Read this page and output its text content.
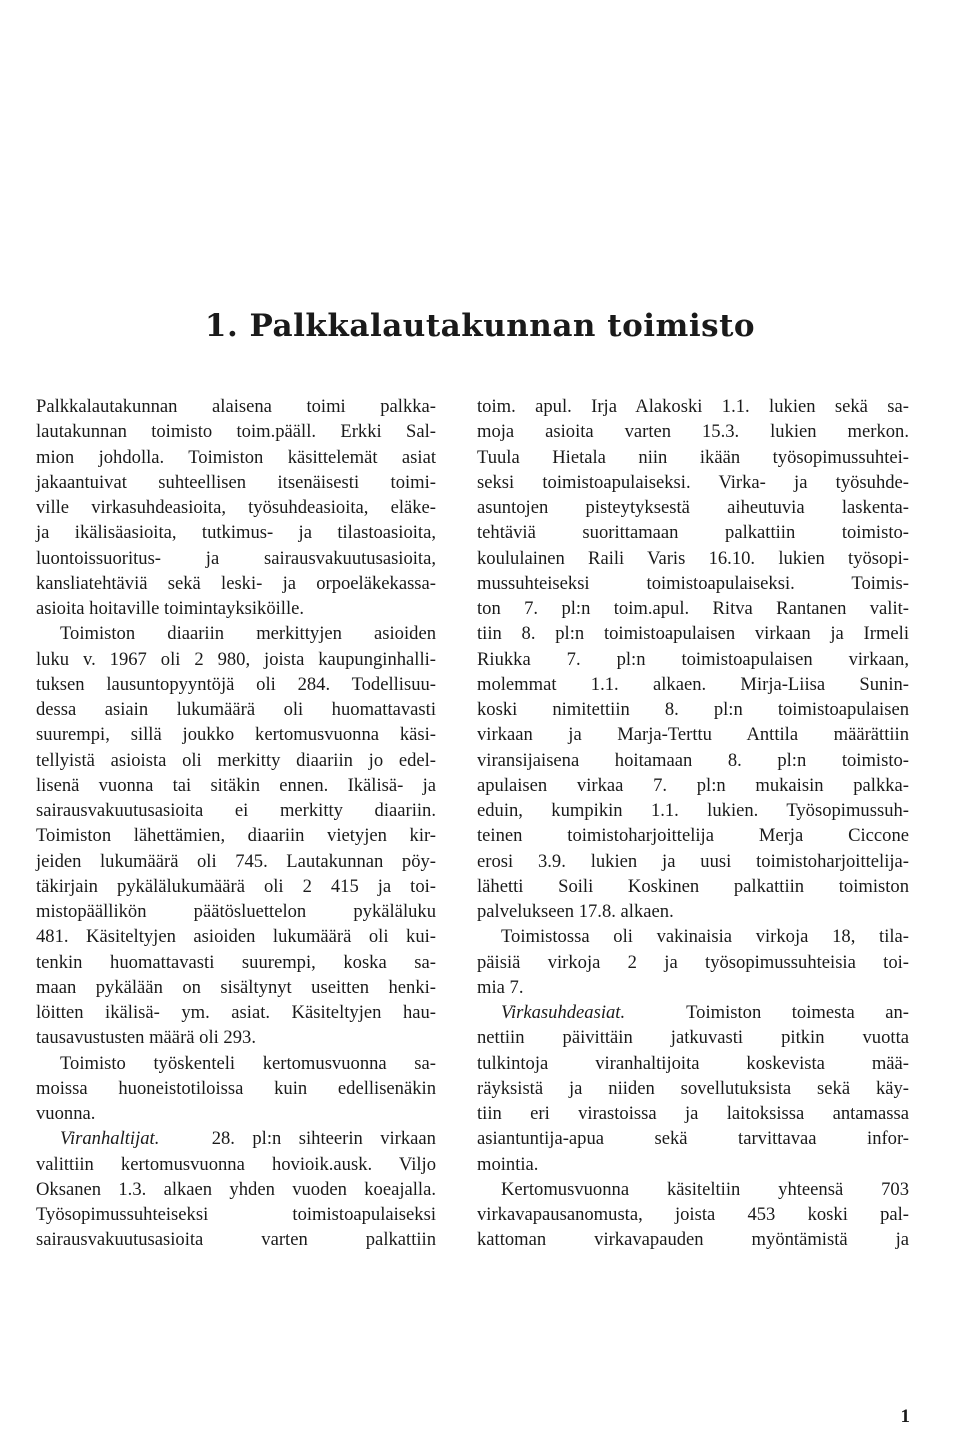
1. Palkkalautakunnan toimisto
Palkkalautakunnan alaisena toimi palkka-
lautakunnan toimisto toim.pääll. Erkki Sal-
mion johdolla. Toimiston käsittelemät asiat
jakaantuivat suhteellisen itsenäisesti toimi-
ville virkasuhdeasioita, työsuhdeasioita, eläke-
ja ikälisäasioita, tutkimus- ja tilastoasioita,
luontoissuoritus- ja sairausvakuutusasioita,
kansliatehtäviä sekä leski- ja orpoeläkekassa-
asioita hoitaville toimintayksiköille.
Toimiston diaariin merkittyjen asioiden
luku v. 1967 oli 2 980, joista kaupunginhalli-
tuksen lausuntopyyntöjä oli 284. Todellisuu-
dessa asiain lukumäärä oli huomattavasti
suurempi, sillä joukko kertomusvuonna käsi-
tellyistä asioista oli merkitty diaariin jo edel-
lisenä vuonna tai sitäkin ennen. Ikälisä- ja
sairausvakuutusasioita ei merkitty diaariin.
Toimiston lähettämien, diaariin vietyjen kir-
jeiden lukumäärä oli 745. Lautakunnan pöy-
täkirjain pykälälukumäärä oli 2 415 ja toi-
mistopäällikön päätösluettelon pykäläluku
481. Käsiteltyjen asioiden lukumäärä oli kui-
tenkin huomattavasti suurempi, koska sa-
maan pykälään on sisältynyt useitten henki-
löitten ikälisä- ym. asiat. Käsiteltyjen hau-
tausavustusten määrä oli 293.
Toimisto työskenteli kertomusvuonna sa-
moissa huoneistotiloissa kuin edellisenäkin
vuonna.
Viranhaltijat.	28. pl:n sihteerin virkaan
valittiin kertomusvuonna hovioik.ausk. Viljo
Oksanen 1.3. alkaen yhden vuoden koeajalla.
Työsopimussuhteiseksi toimistoapulaiseksi
sairausvakuutusasioita varten palkattiin
toim. apul. Irja Alakoski 1.1. lukien sekä sa-
moja asioita varten 15.3. lukien merkon.
Tuula Hietala niin ikään työsopimussuhtei-
seksi toimistoapulaiseksi. Virka- ja työsuhde-
asuntojen pisteytyksestä aiheutuvia laskenta-
tehtäviä suorittamaan palkattiin toimisto-
koululainen Raili Varis 16.10. lukien työsopi-
mussuhteiseksi toimistoapulaiseksi. Toimis-
ton 7. pl:n toim.apul. Ritva Rantanen valit-
tiin 8. pl:n toimistoapulaisen virkaan ja Irmeli
Riukka 7. pl:n toimistoapulaisen virkaan,
molemmat 1.1. alkaen. Mirja-Liisa Sunin-
koski nimitettiin 8. pl:n toimistoapulaisen
virkaan ja Marja-Terttu Anttila määrättiin
viransijaisena hoitamaan 8. pl:n toimisto-
apulaisen virkaa 7. pl:n mukaisin palkka-
eduin, kumpikin 1.1. lukien. Työsopimussuh-
teinen toimistoharjoittelija Merja Ciccone
erosi 3.9. lukien ja uusi toimistoharjoittelija-
lähetti Soili Koskinen palkattiin toimiston
palvelukseen 17.8. alkaen.
Toimistossa oli vakinaisia virkoja 18, tila-
päisiä virkoja 2 ja työsopimussuhteisia toi-
mia 7.
Virkasuhdeasiat.	Toimiston toimesta an-
nettiin päivittäin jatkuvasti pitkin vuotta
tulkintoja viranhaltijoita koskevista mää-
räyksistä ja niiden sovellutuksista sekä käy-
tiin eri virastoissa ja laitoksissa antamassa
asiantuntija-apua sekä tarvittavaa infor-
mointia.
Kertomusvuonna käsiteltiin yhteensä 703
virkavapausanomusta, joista 453 koski pal-
kattoman virkavapauden myöntämistä ja
1
